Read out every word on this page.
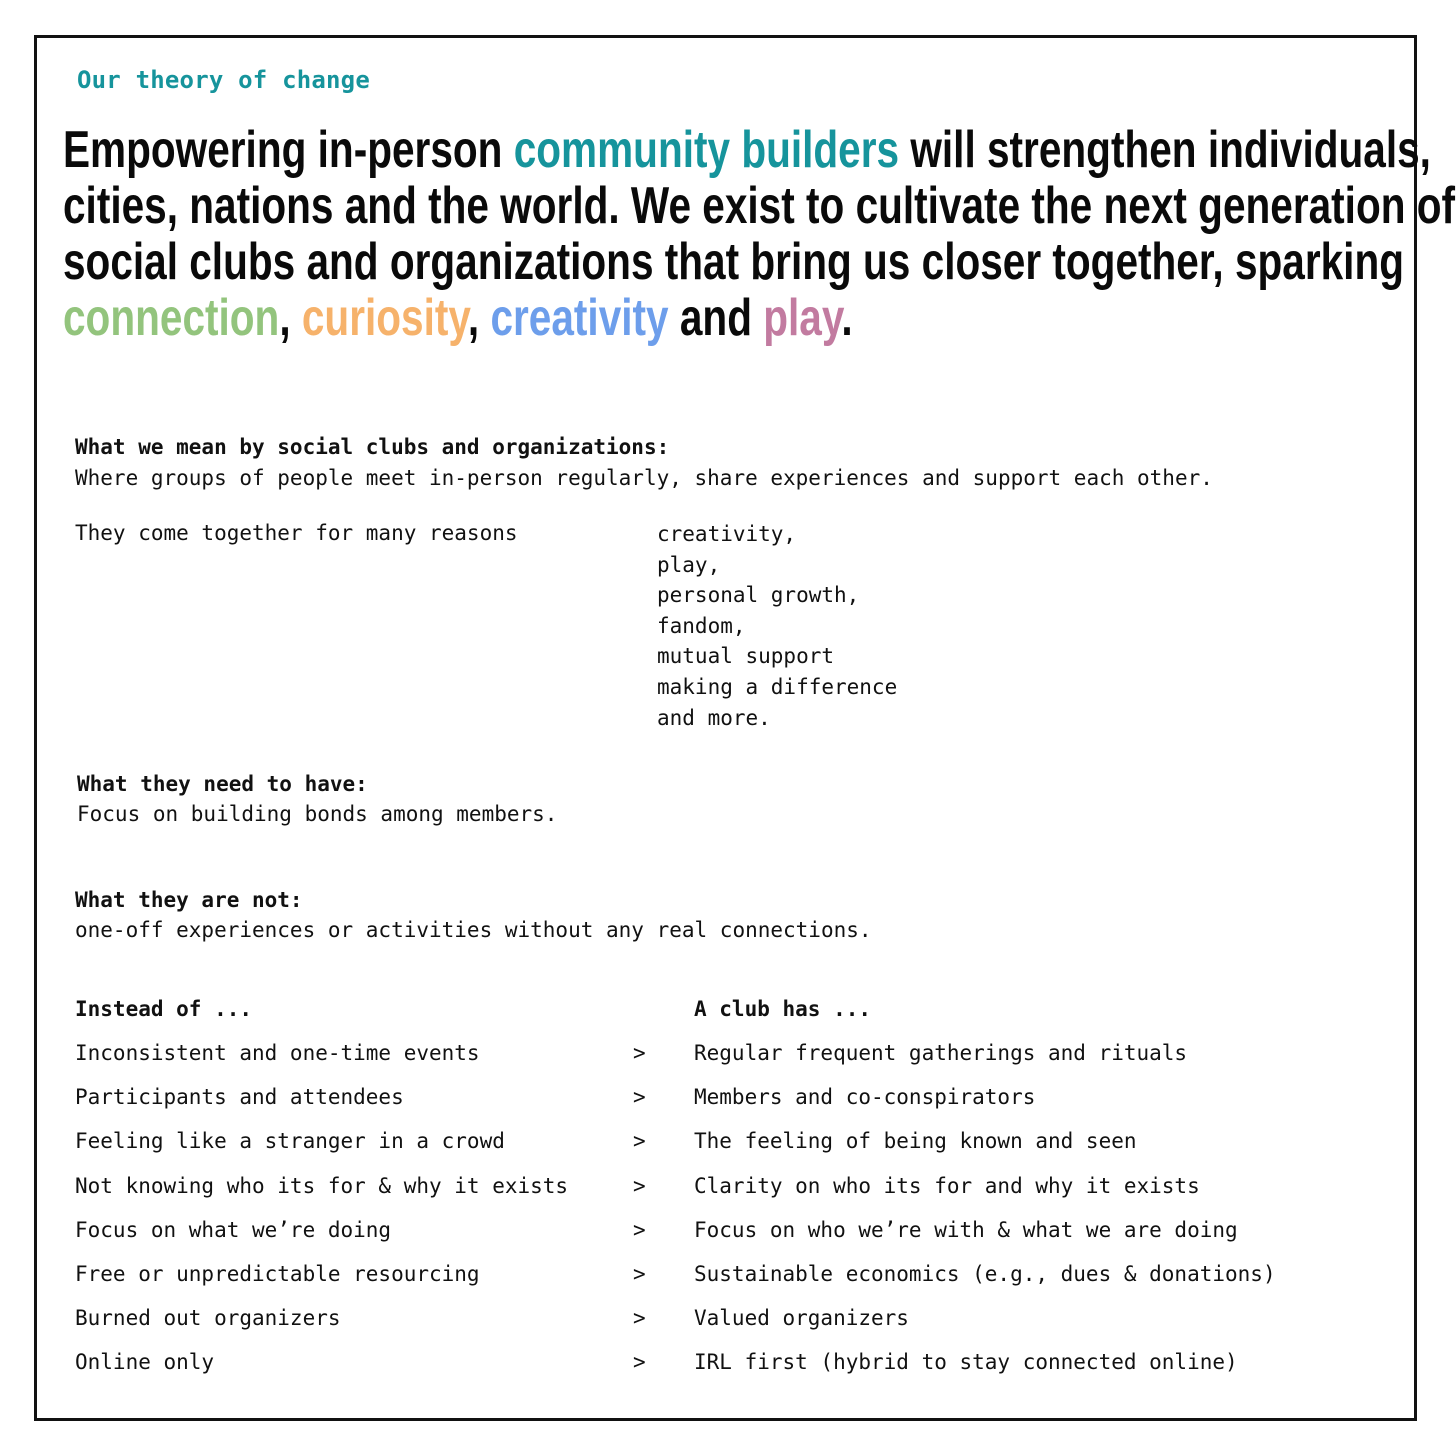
Our theory of change

Empowering in-person community builders will strengthen individuals,
cities, nations and the world. We exist to cultivate the next generation of
social clubs and organizations that bring us closer together, sparking
connection, curiosity, creativity and play.

What we mean by social clubs and organizations:

Where groups of people meet in-person regularly, share experiences and support each other.

They come together for many reasons	creativity,
play,
personal growth,
fandom,
mutual support
making a difference
and more.

What they need to have:

Focus on building bonds among members.

What they are not:

one-off experiences or activities without any real connections.

Instead of ...	A club has ...

Inconsistent and one-time events	> Regular frequent gatherings and rituals
Participants and attendees	> Members and co-conspirators
Feeling like a stranger in a crowd	> The feeling of being known and seen
Not knowing who its for & why it exists	> Clarity on who its for and why it exists
Focus on what we’re doing	> Focus on who we’re with & what we are doing
Free or unpredictable resourcing	> Sustainable economics (e.g., dues & donations)
Burned out organizers	> Valued organizers
Online only	> IRL first (hybrid to stay connected online)
